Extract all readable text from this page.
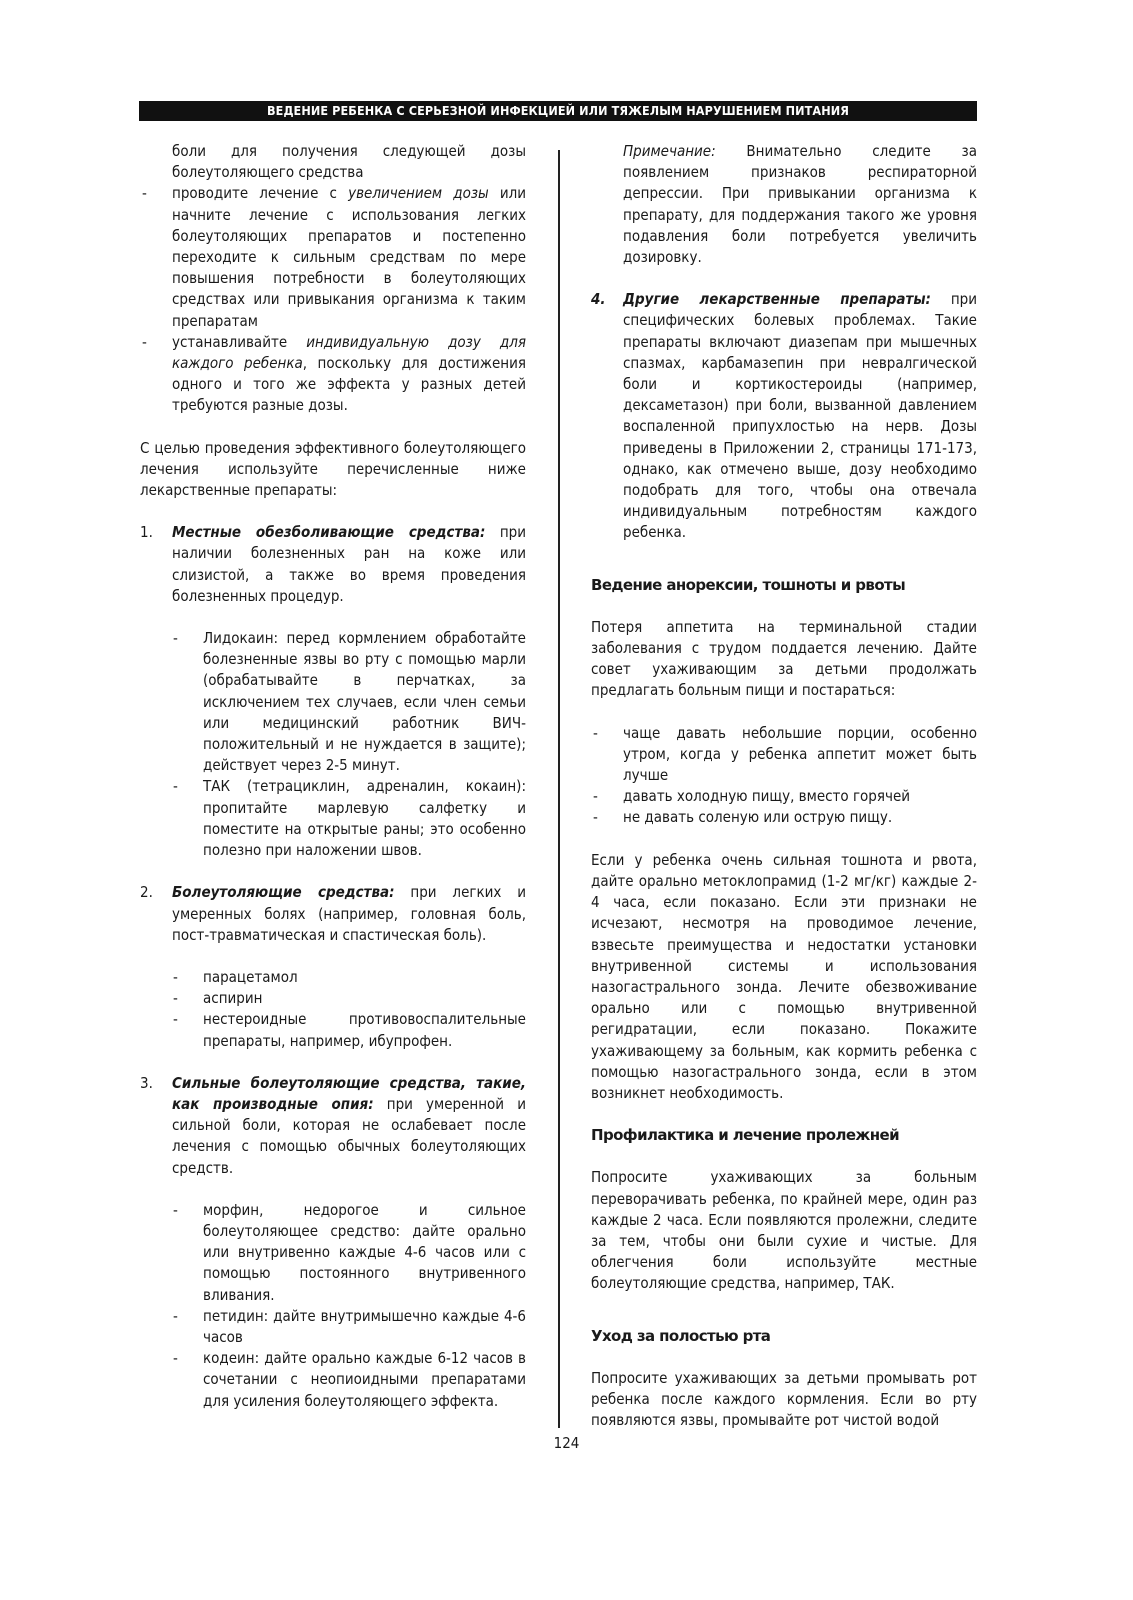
ВЕДЕНИЕ РЕБЕНКА С СЕРЬЕЗНОЙ ИНФЕКЦИЕЙ ИЛИ ТЯЖЕЛЫМ НАРУШЕНИЕМ ПИТАНИЯ

боли для получения следующей дозы болеутоляющего средства

- проводите лечение с увеличением дозы или начните лечение с использования легких болеутоляющих препаратов и постепенно переходите к сильным средствам по мере повышения потребности в болеутоляющих средствах или привыкания организма к таким препаратам
- устанавливайте индивидуальную дозу для каждого ребенка, поскольку для достижения одного и того же эффекта у разных детей требуются разные дозы.

С целью проведения эффективного болеутоляющего лечения используйте перечисленные ниже лекарственные препараты:

1. Местные обезболивающие средства: при наличии болезненных ран на коже или слизистой, а также во время проведения болезненных процедур.
- Лидокаин: перед кормлением обработайте болезненные язвы во рту с помощью марли (обрабатывайте в перчатках, за исключением тех случаев, если член семьи или медицинский работник ВИЧ-положительный и не нуждается в защите); действует через 2-5 минут.
- ТАК (тетрациклин, адреналин, кокаин): пропитайте марлевую салфетку и поместите на открытые раны; это особенно полезно при наложении швов.
2. Болеутоляющие средства: при легких и умеренных болях (например, головная боль, пост-травматическая и спастическая боль).
- парацетамол
- аспирин
- нестероидные противовоспалительные препараты, например, ибупрофен.
3. Сильные болеутоляющие средства, такие, как производные опия: при умеренной и сильной боли, которая не ослабевает после лечения с помощью обычных болеутоляющих средств.
- морфин, недорогое и сильное болеутоляющее средство: дайте орально или внутривенно каждые 4-6 часов или с помощью постоянного внутривенного вливания.
- петидин: дайте внутримышечно каждые 4-6 часов
- кодеин: дайте орально каждые 6-12 часов в сочетании с неопиоидными препаратами для усиления болеутоляющего эффекта.
Примечание: Внимательно следите за появлением признаков респираторной депрессии. При привыкании организма к препарату, для поддержания такого же уровня подавления боли потребуется увеличить дозировку.
4. Другие лекарственные препараты: при специфических болевых проблемах. Такие препараты включают диазепам при мышечных спазмах, карбамазепин при невралгической боли и кортикостероиды (например, дексаметазон) при боли, вызванной давлением воспаленной припухлостью на нерв. Дозы приведены в Приложении 2, страницы 171-173, однако, как отмечено выше, дозу необходимо подобрать для того, чтобы она отвечала индивидуальным потребностям каждого ребенка.

Ведение анорексии, тошноты и рвоты

Потеря аппетита на терминальной стадии заболевания с трудом поддается лечению. Дайте совет ухаживающим за детьми продолжать предлагать больным пищи и постараться:

- чаще давать небольшие порции, особенно утром, когда у ребенка аппетит может быть лучше
- давать холодную пищу, вместо горячей
- не давать соленую или острую пищу.

Если у ребенка очень сильная тошнота и рвота, дайте орально метоклопрамид (1-2 мг/кг) каждые 2-4 часа, если показано. Если эти признаки не исчезают, несмотря на проводимое лечение, взвесьте преимущества и недостатки установки внутривенной системы и использования назогастрального зонда. Лечите обезвоживание орально или с помощью внутривенной регидратации, если показано. Покажите ухаживающему за больным, как кормить ребенка с помощью назогастрального зонда, если в этом возникнет необходимость.

Профилактика и лечение пролежней

Попросите ухаживающих за больным переворачивать ребенка, по крайней мере, один раз каждые 2 часа. Если появляются пролежни, следите за тем, чтобы они были сухие и чистые. Для облегчения боли используйте местные болеутоляющие средства, например, ТАК.

Уход за полостью рта

Попросите ухаживающих за детьми промывать рот ребенка после каждого кормления. Если во рту появляются язвы, промывайте рот чистой водой

124
